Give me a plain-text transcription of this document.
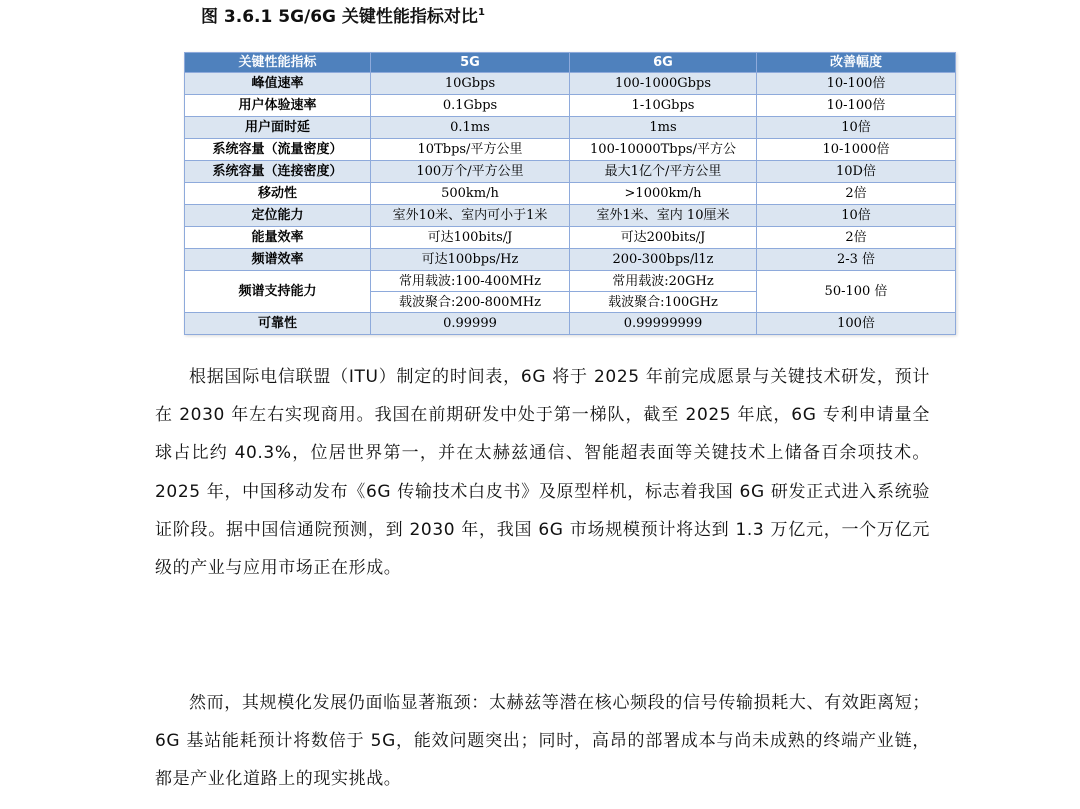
图 3.6.1 5G/6G 关键性能指标对比$^1$
关键性能指标	5G	6G	改善幅度
峰值速率	10Gbps	100-1000Gbps	10-100倍
用户体验速率	0.1Gbps	1-10Gbps	10-100倍
用户面时延	0.1ms	1ms	10倍
系统容量（流量密度）	10Tbps/平方公里	100-10000Tbps/平方公	10-1000倍
系统容量（连接密度）	100万个/平方公里	最大1亿个/平方公里	10D倍
移动性	500km/h	>1000km/h	2倍
定位能力	室外10米、室内可小于1米	室外1米、室内 10厘米	10倍
能量效率	可达100bits/J	可达200bits/J	2倍
频谱效率	可达100bps/Hz	200-300bps/l1z	2-3 倍
频谱支持能力	常用载波:100-400MHz	常用载波:20GHz	50-100 倍
	载波聚合:200-800MHz	载波聚合:100GHz	
可靠性	0.99999	0.99999999	100倍

根据国际电信联盟（ITU）制定的时间表，6G 将于 2025 年前完成愿景与关键技术研发，预计在 2030 年左右实现商用。我国在前期研发中处于第一梯队，截至 2025 年底，6G 专利申请量全球占比约 40.3%，位居世界第一，并在太赫兹通信、智能超表面等关键技术上储备百余项技术。2025 年，中国移动发布《6G 传输技术白皮书》及原型样机，标志着我国 6G 研发正式进入系统验证阶段。据中国信通院预测，到 2030 年，我国 6G 市场规模预计将达到 1.3 万亿元，一个万亿元级的产业与应用市场正在形成。

然而，其规模化发展仍面临显著瓶颈：太赫兹等潜在核心频段的信号传输损耗大、有效距离短；6G 基站能耗预计将数倍于 5G，能效问题突出；同时，高昂的部署成本与尚未成熟的终端产业链，都是产业化道路上的现实挑战。
